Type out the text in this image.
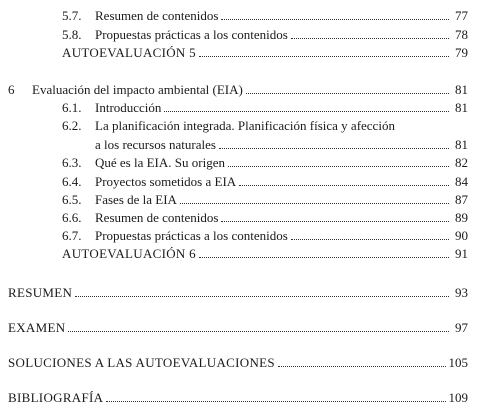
5.7. Resumen de contenidos	77
5.8. Propuestas prácticas a los contenidos	78
AUTOEVALUACIÓN 5	79
6 Evaluación del impacto ambiental (EIA)	81
6.1. Introducción	81
6.2. La planificación integrada. Planificación física y afección
a los recursos naturales	81
6.3. Qué es la EIA. Su origen	82
6.4. Proyectos sometidos a EIA	84
6.5. Fases de la EIA	87
6.6. Resumen de contenidos	89
6.7. Propuestas prácticas a los contenidos	90
AUTOEVALUACIÓN 6	91
RESUMEN	93
EXAMEN	97
SOLUCIONES A LAS AUTOEVALUACIONES	105
BIBLIOGRAFÍA	109
